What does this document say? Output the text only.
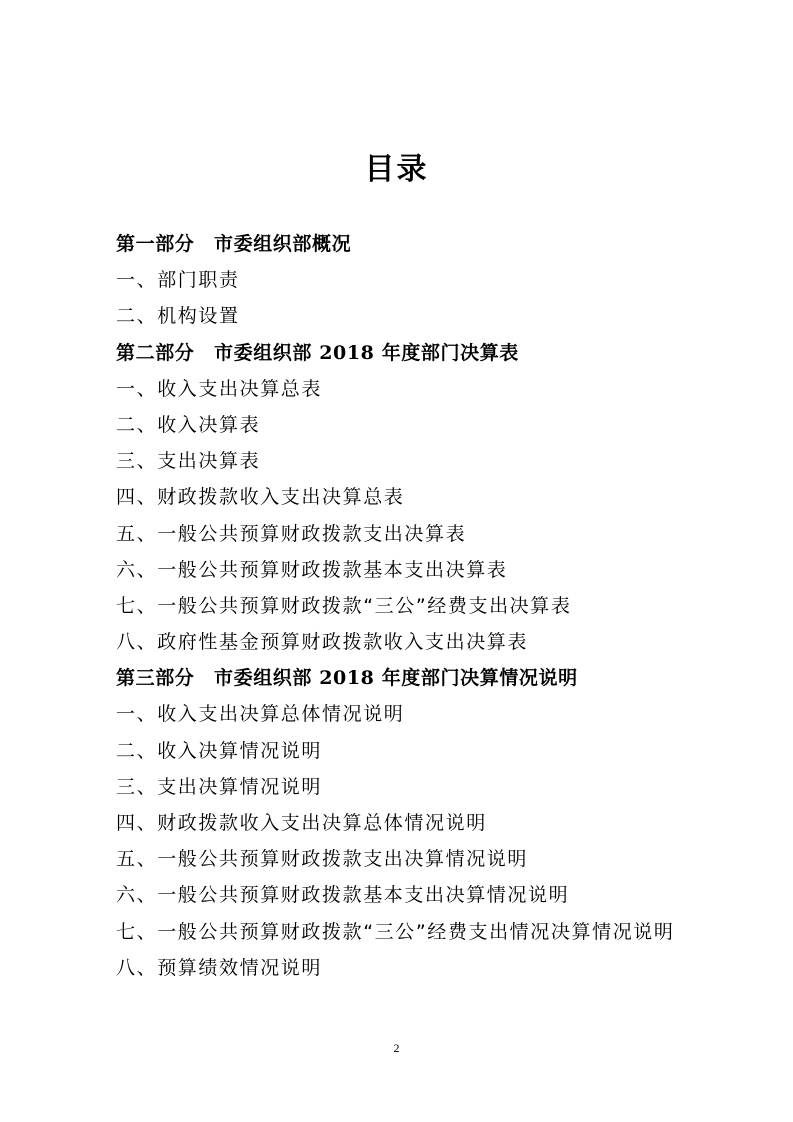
目录
第一部分　市委组织部概况
一、部门职责
二、机构设置
第二部分　市委组织部 2018 年度部门决算表
一、收入支出决算总表
二、收入决算表
三、支出决算表
四、财政拨款收入支出决算总表
五、一般公共预算财政拨款支出决算表
六、一般公共预算财政拨款基本支出决算表
七、一般公共预算财政拨款“三公”经费支出决算表
八、政府性基金预算财政拨款收入支出决算表
第三部分　市委组织部 2018 年度部门决算情况说明
一、收入支出决算总体情况说明
二、收入决算情况说明
三、支出决算情况说明
四、财政拨款收入支出决算总体情况说明
五、一般公共预算财政拨款支出决算情况说明
六、一般公共预算财政拨款基本支出决算情况说明
七、一般公共预算财政拨款“三公”经费支出情况决算情况说明
八、预算绩效情况说明
2
